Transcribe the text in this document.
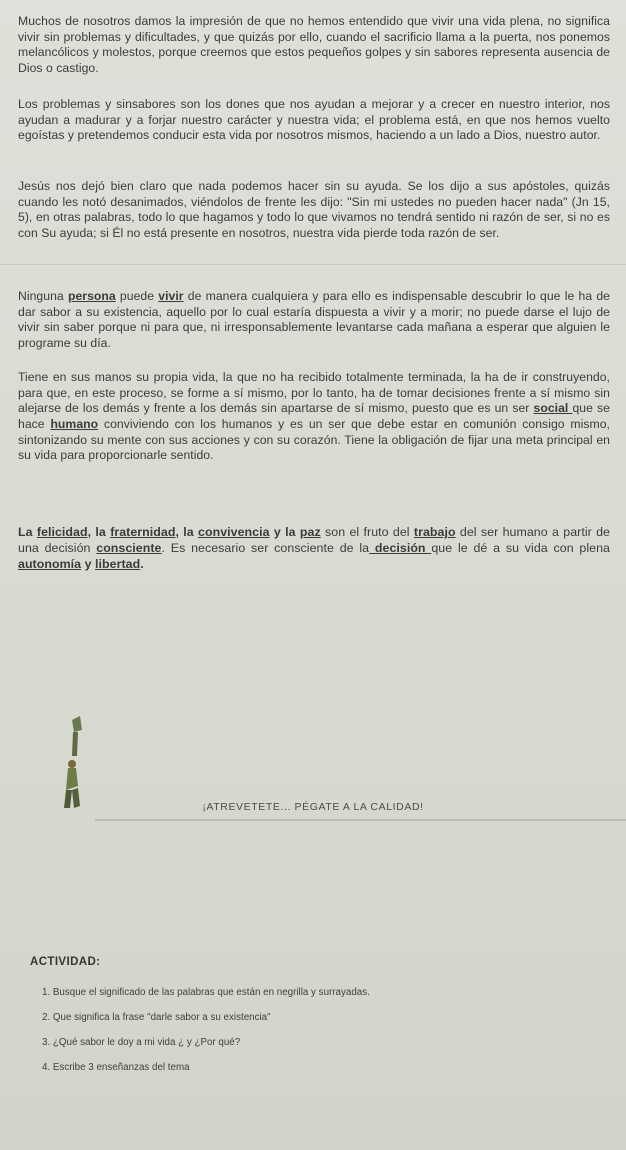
Muchos de nosotros damos la impresión de que no hemos entendido que vivir una vida plena, no significa vivir sin problemas y dificultades, y que quizás por ello, cuando el sacrificio llama a la puerta, nos ponemos melancólicos y molestos, porque creemos que estos pequeños golpes y sin sabores representa ausencia de Dios o castigo.

Los problemas y sinsabores son los dones que nos ayudan a mejorar y a crecer en nuestro interior, nos ayudan a madurar y a forjar nuestro carácter y nuestra vida; el problema está, en que nos hemos vuelto egoístas y pretendemos conducir esta vida por nosotros mismos, haciendo a un lado a Dios, nuestro autor.

Jesús nos dejó bien claro que nada podemos hacer sin su ayuda. Se los dijo a sus apóstoles, quizás cuando les notó desanimados, viéndolos de frente les dijo: "Sin mi ustedes no pueden hacer nada" (Jn 15, 5), en otras palabras, todo lo que hagamos y todo lo que vivamos no tendrá sentido ni razón de ser, si no es con Su ayuda; si Él no está presente en nosotros, nuestra vida pierde toda razón de ser.

Ninguna persona puede vivir de manera cualquiera y para ello es indispensable descubrir lo que le ha de dar sabor a su existencia, aquello por lo cual estaría dispuesta a vivir y a morir; no puede darse el lujo de vivir sin saber porque ni para que, ni irresponsablemente levantarse cada mañana a esperar que alguien le programe su día.

Tiene en sus manos su propia vida, la que no ha recibido totalmente terminada, la ha de ir construyendo, para que, en este proceso, se forme a sí mismo, por lo tanto, ha de tomar decisiones frente a sí mismo sin alejarse de los demás y frente a los demás sin apartarse de sí mismo, puesto que es un ser social que se hace humano conviviendo con los humanos y es un ser que debe estar en comunión consigo mismo, sintonizando su mente con sus acciones y con su corazón. Tiene la obligación de fijar una meta principal en su vida para proporcionarle sentido.

La felicidad, la fraternidad, la convivencia y la paz son el fruto del trabajo del ser humano a partir de una decisión consciente. Es necesario ser consciente de la decisión que le dé a su vida con plena autonomía y libertad.

¡ATREVETETE... PÉGATE A LA CALIDAD!
ACTIVIDAD:
1. Busque el significado de las palabras que están en negrilla y surrayadas.
2. Que significa la frase "darle sabor a su existencia"
3. ¿Qué sabor le doy a mi vida ¿ y ¿Por qué?
4. Escribe 3 enseñanzas del tema
